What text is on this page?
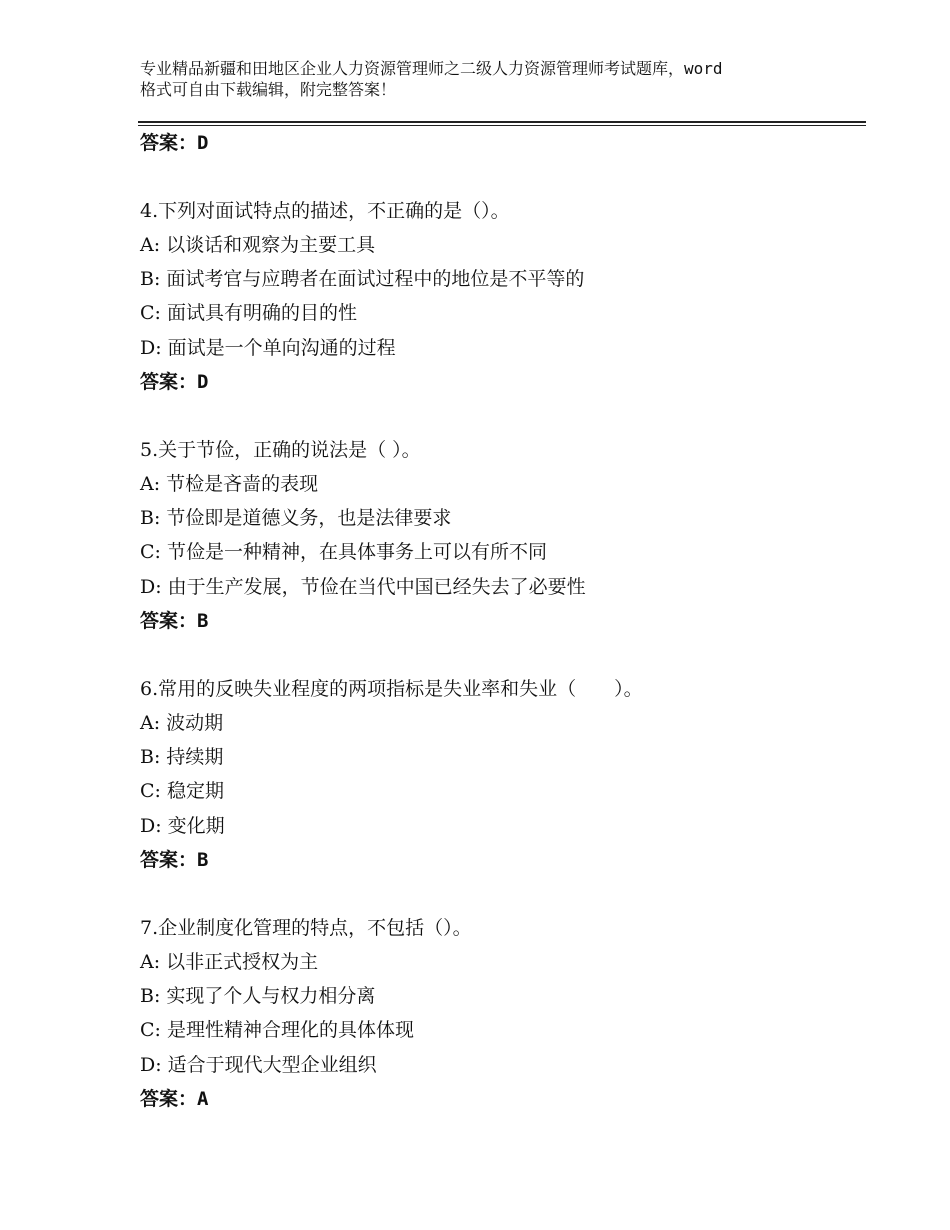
专业精品新疆和田地区企业人力资源管理师之二级人力资源管理师考试题库，word
格式可自由下载编辑，附完整答案！
答案：D
4.下列对面试特点的描述，不正确的是（）。
A: 以谈话和观察为主要工具
B: 面试考官与应聘者在面试过程中的地位是不平等的
C: 面试具有明确的目的性
D: 面试是一个单向沟通的过程
答案：D
5.关于节俭，正确的说法是（ ）。
A: 节检是吝啬的表现
B: 节俭即是道德义务，也是法律要求
C: 节俭是一种精神，在具体事务上可以有所不同
D: 由于生产发展，节俭在当代中国已经失去了必要性
答案：B
6.常用的反映失业程度的两项指标是失业率和失业（　　）。
A: 波动期
B: 持续期
C: 稳定期
D: 变化期
答案：B
7.企业制度化管理的特点，不包括（）。
A: 以非正式授权为主
B: 实现了个人与权力相分离
C: 是理性精神合理化的具体体现
D: 适合于现代大型企业组织
答案：A
